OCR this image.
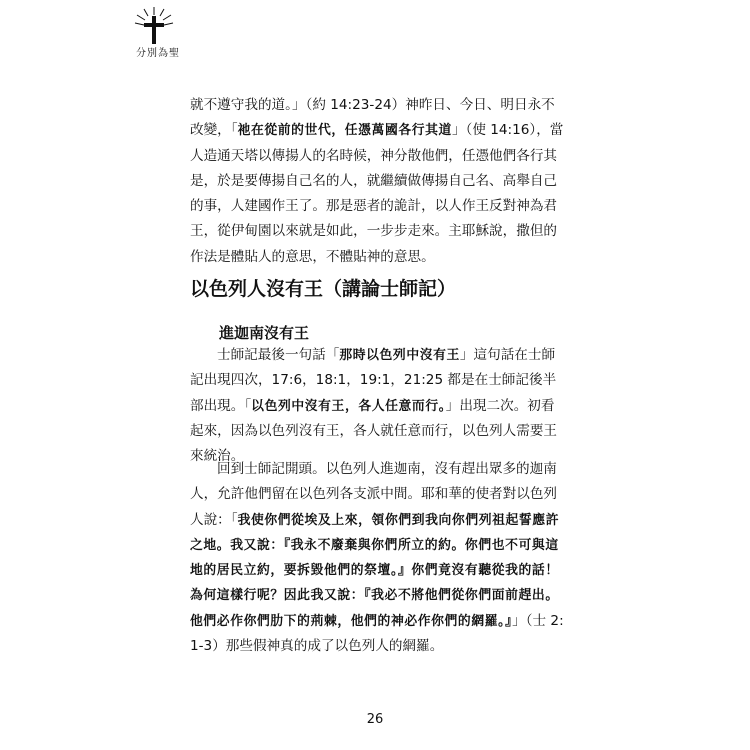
分別為聖

就不遵守我的道。」（約 14:23-24）神昨日、今日、明日永不改變，「祂在從前的世代，任憑萬國各行其道」（使 14:16），當人造通天塔以傳揚人的名時候，神分散他們，任憑他們各行其是，於是要傳揚自己名的人，就繼續做傳揚自己名、高舉自己的事，人建國作王了。那是惡者的詭計，以人作王反對神為君王，從伊甸園以來就是如此，一步步走來。主耶穌說，撒但的作法是體貼人的意思，不體貼神的意思。

以色列人沒有王（講論士師記）
進迦南沒有王

士師記最後一句話「那時以色列中沒有王」這句話在士師記出現四次，17:6，18:1，19:1，21:25 都是在士師記後半部出現。「以色列中沒有王，各人任意而行。」出現二次。初看起來，因為以色列沒有王，各人就任意而行，以色列人需要王來統治。

回到士師記開頭。以色列人進迦南，沒有趕出眾多的迦南人，允許他們留在以色列各支派中間。耶和華的使者對以色列人說：「我使你們從埃及上來，領你們到我向你們列祖起誓應許之地。我又說：『我永不廢棄與你們所立的約。你們也不可與這地的居民立約，要拆毀他們的祭壇。』你們竟沒有聽從我的話！為何這樣行呢？因此我又說：『我必不將他們從你們面前趕出。他們必作你們肋下的荊棘，他們的神必作你們的網羅。』」（士 2:1-3）那些假神真的成了以色列人的網羅。

26
